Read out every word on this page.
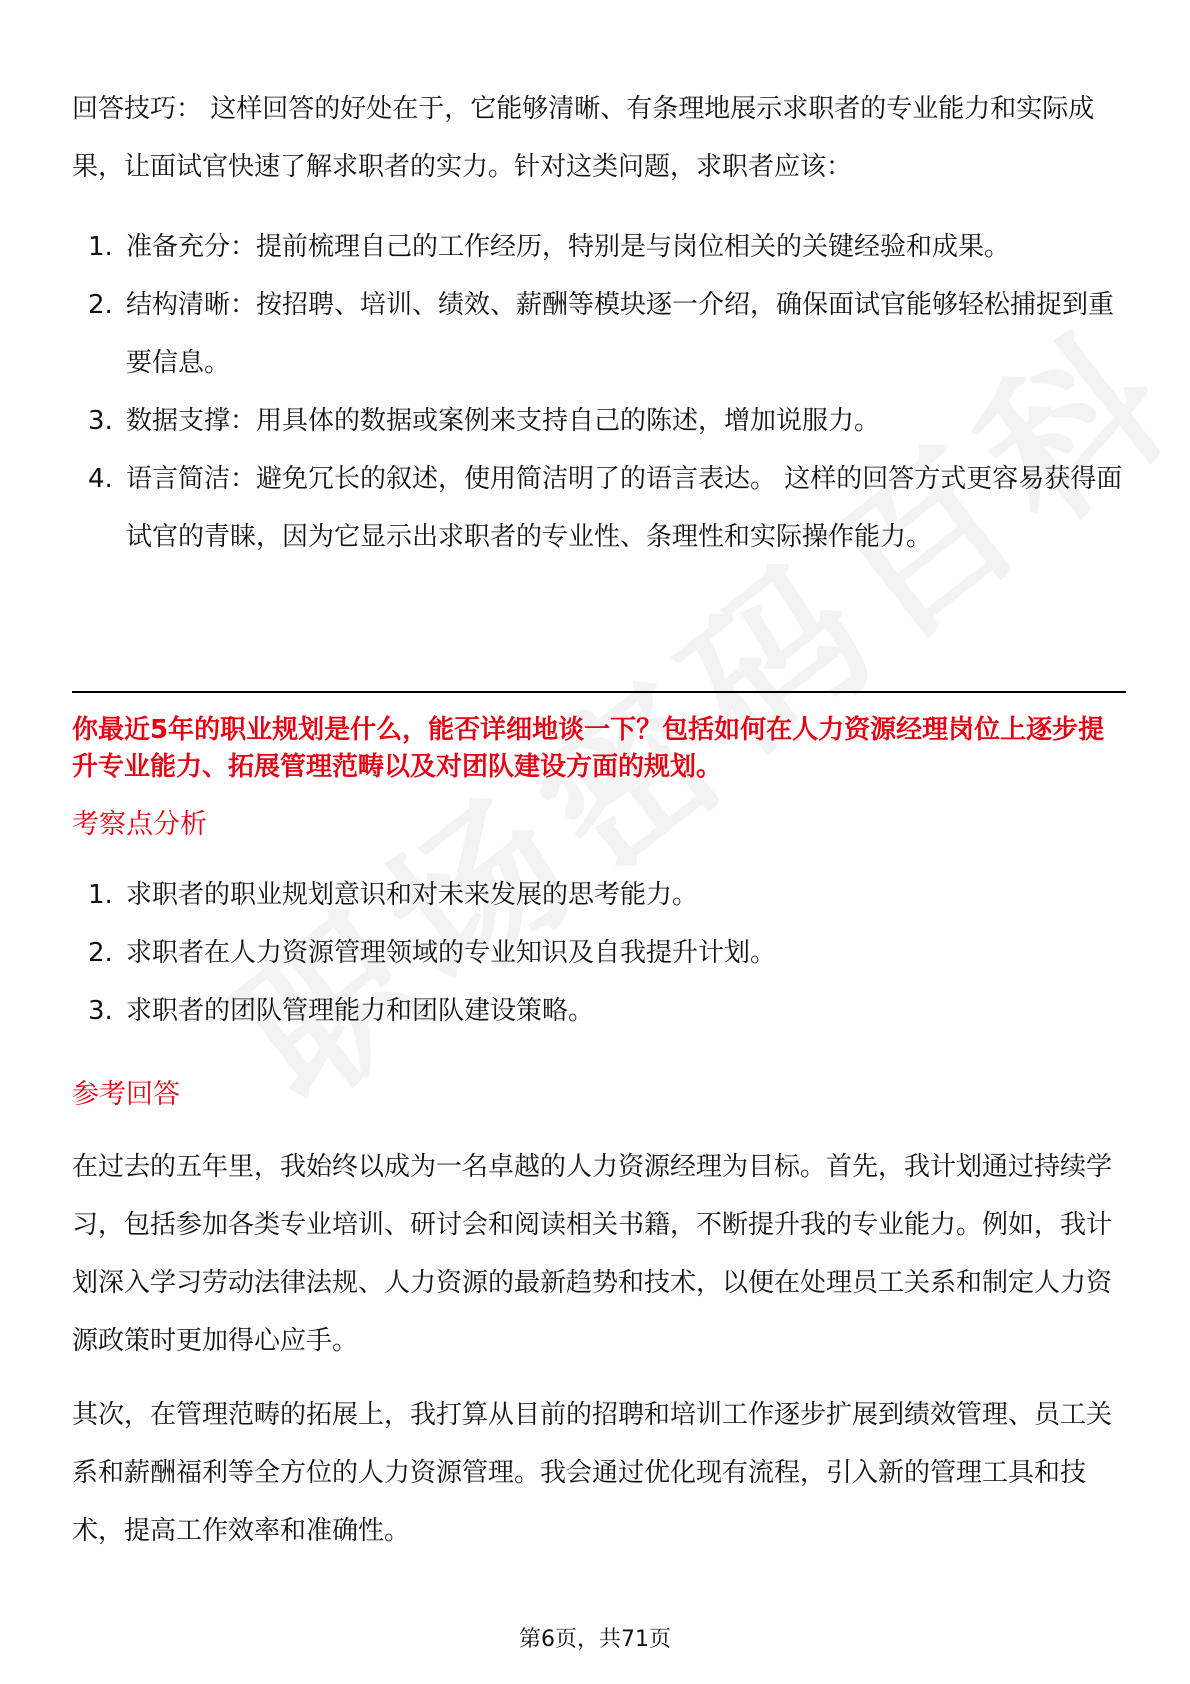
回答技巧： 这样回答的好处在于，它能够清晰、有条理地展示求职者的专业能力和实际成果，让面试官快速了解求职者的实力。针对这类问题，求职者应该：

1. 准备充分：提前梳理自己的工作经历，特别是与岗位相关的关键经验和成果。
2. 结构清晰：按招聘、培训、绩效、薪酬等模块逐一介绍，确保面试官能够轻松捕捉到重要信息。
3. 数据支撑：用具体的数据或案例来支持自己的陈述，增加说服力。
4. 语言简洁：避免冗长的叙述，使用简洁明了的语言表达。 这样的回答方式更容易获得面试官的青睐，因为它显示出求职者的专业性、条理性和实际操作能力。

你最近5年的职业规划是什么，能否详细地谈一下？包括如何在人力资源经理岗位上逐步提升专业能力、拓展管理范畴以及对团队建设方面的规划。

考察点分析
1. 求职者的职业规划意识和对未来发展的思考能力。
2. 求职者在人力资源管理领域的专业知识及自我提升计划。
3. 求职者的团队管理能力和团队建设策略。
参考回答

在过去的五年里，我始终以成为一名卓越的人力资源经理为目标。首先，我计划通过持续学习，包括参加各类专业培训、研讨会和阅读相关书籍，不断提升我的专业能力。例如，我计划深入学习劳动法律法规、人力资源的最新趋势和技术，以便在处理员工关系和制定人力资源政策时更加得心应手。

其次，在管理范畴的拓展上，我打算从目前的招聘和培训工作逐步扩展到绩效管理、员工关系和薪酬福利等全方位的人力资源管理。我会通过优化现有流程，引入新的管理工具和技术，提高工作效率和准确性。

第6页，共71页
